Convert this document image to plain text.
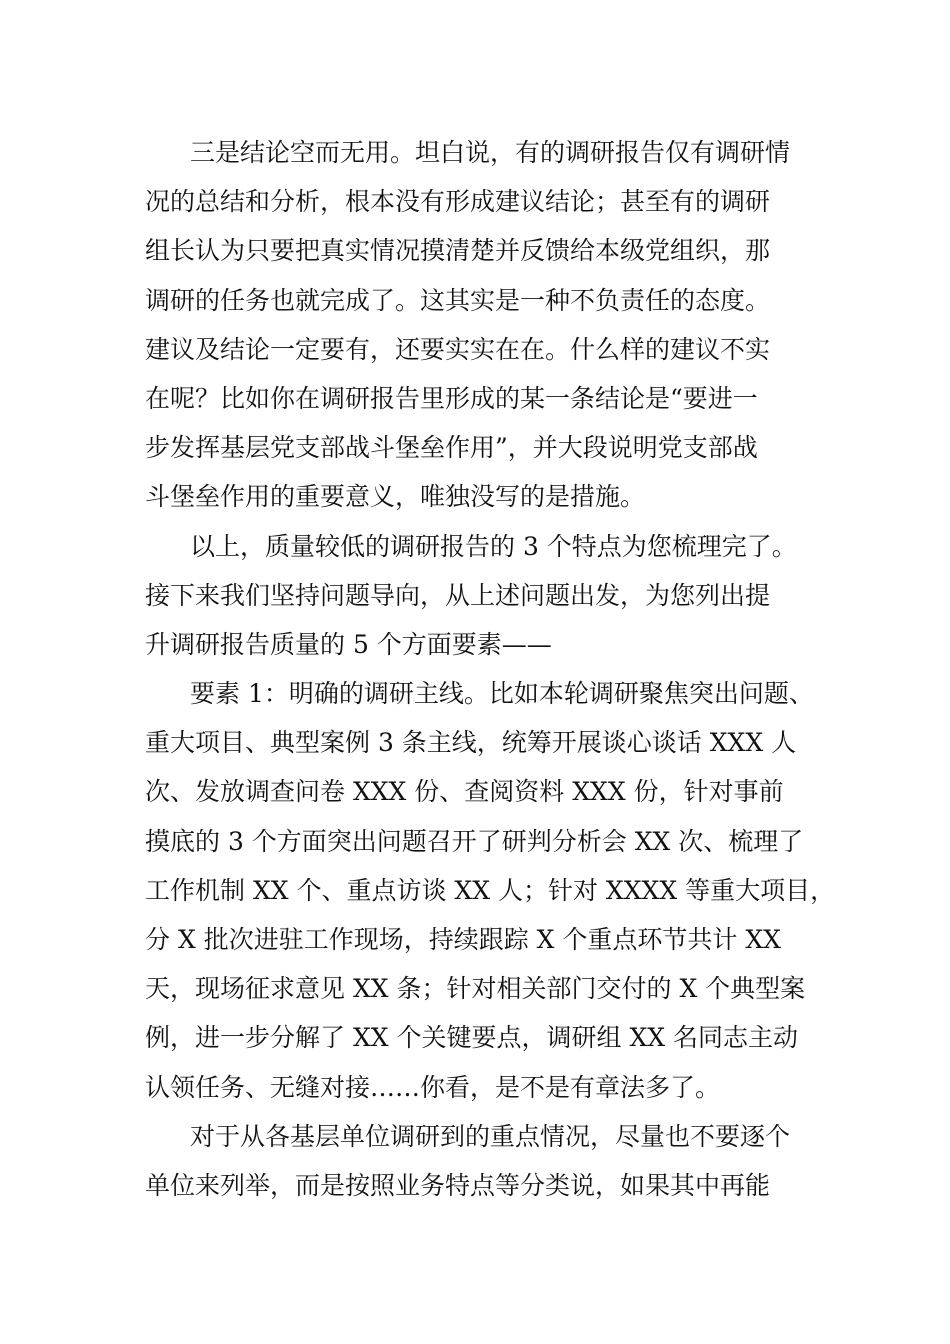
三是结论空而无用。坦白说，有的调研报告仅有调研情
况的总结和分析，根本没有形成建议结论；甚至有的调研
组长认为只要把真实情况摸清楚并反馈给本级党组织，那
调研的任务也就完成了。这其实是一种不负责任的态度。
建议及结论一定要有，还要实实在在。什么样的建议不实
在呢？比如你在调研报告里形成的某一条结论是“要进一
步发挥基层党支部战斗堡垒作用”，并大段说明党支部战
斗堡垒作用的重要意义，唯独没写的是措施。
以上，质量较低的调研报告的 3 个特点为您梳理完了。
接下来我们坚持问题导向，从上述问题出发，为您列出提
升调研报告质量的 5 个方面要素——
要素 1：明确的调研主线。比如本轮调研聚焦突出问题、
重大项目、典型案例 3 条主线，统筹开展谈心谈话 XXX 人
次、发放调查问卷 XXX 份、查阅资料 XXX 份，针对事前
摸底的 3 个方面突出问题召开了研判分析会 XX 次、梳理了
工作机制 XX 个、重点访谈 XX 人；针对 XXXX 等重大项目，
分 X 批次进驻工作现场，持续跟踪 X 个重点环节共计 XX
天，现场征求意见 XX 条；针对相关部门交付的 X 个典型案
例，进一步分解了 XX 个关键要点，调研组 XX 名同志主动
认领任务、无缝对接……你看，是不是有章法多了。
对于从各基层单位调研到的重点情况，尽量也不要逐个
单位来列举，而是按照业务特点等分类说，如果其中再能
